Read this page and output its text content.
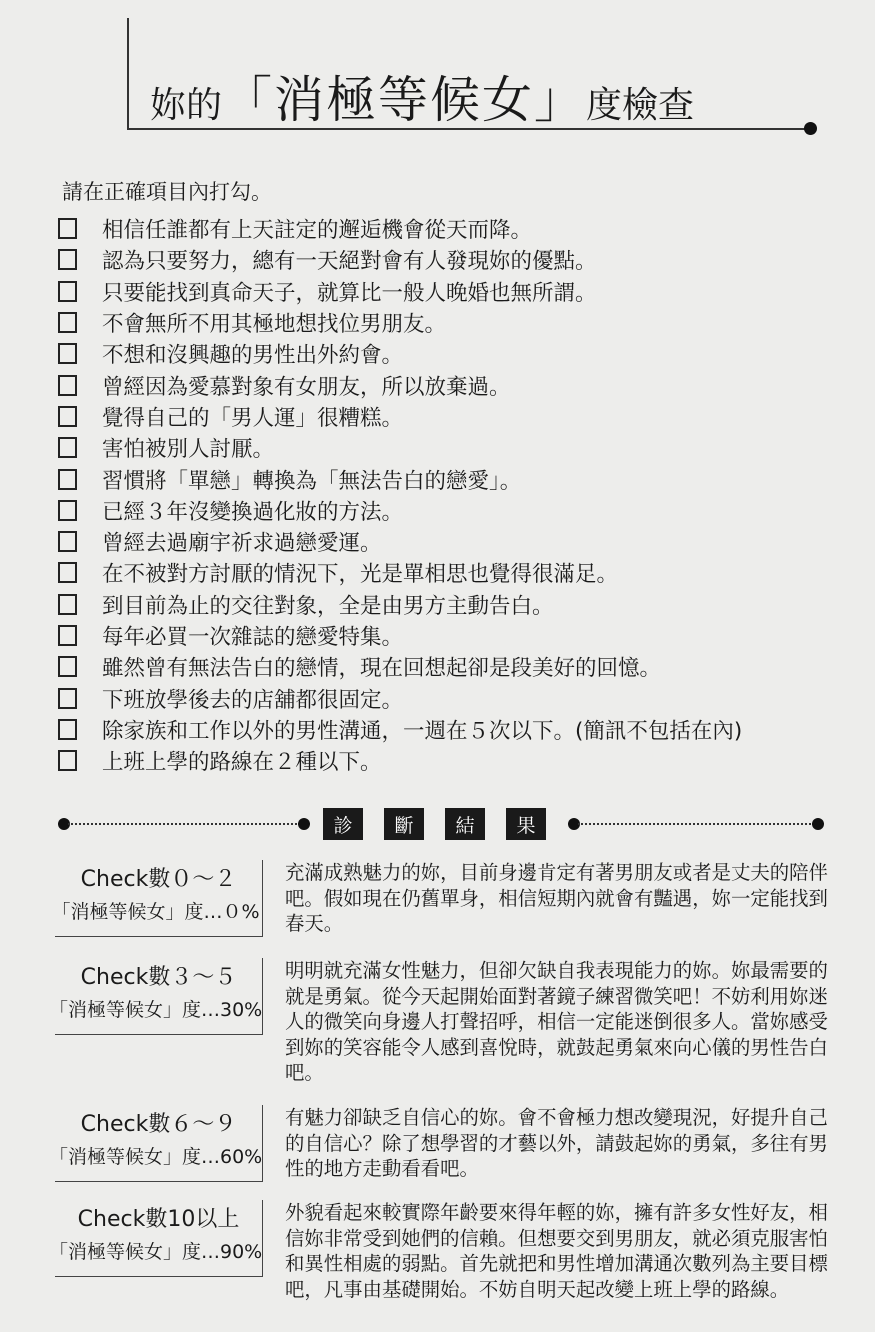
妳的「消極等候女」度檢查
請在正確項目內打勾。
相信任誰都有上天註定的邂逅機會從天而降。
認為只要努力，總有一天絕對會有人發現妳的優點。
只要能找到真命天子，就算比一般人晚婚也無所謂。
不會無所不用其極地想找位男朋友。
不想和沒興趣的男性出外約會。
曾經因為愛慕對象有女朋友，所以放棄過。
覺得自己的「男人運」很糟糕。
害怕被別人討厭。
習慣將「單戀」轉換為「無法告白的戀愛」。
已經３年沒變換過化妝的方法。
曾經去過廟宇祈求過戀愛運。
在不被對方討厭的情況下，光是單相思也覺得很滿足。
到目前為止的交往對象，全是由男方主動告白。
每年必買一次雜誌的戀愛特集。
雖然曾有無法告白的戀情，現在回想起卻是段美好的回憶。
下班放學後去的店舖都很固定。
除家族和工作以外的男性溝通，一週在５次以下。(簡訊不包括在內)
上班上學的路線在２種以下。
診	斷	結	果
Check數０～２
「消極等候女」度…０%
充滿成熟魅力的妳，目前身邊肯定有著男朋友或者是丈夫的陪伴吧。假如現在仍舊單身，相信短期內就會有豔遇，妳一定能找到春天。
Check數３～５
「消極等候女」度…30%
明明就充滿女性魅力，但卻欠缺自我表現能力的妳。妳最需要的就是勇氣。從今天起開始面對著鏡子練習微笑吧！不妨利用妳迷人的微笑向身邊人打聲招呼，相信一定能迷倒很多人。當妳感受到妳的笑容能令人感到喜悅時，就鼓起勇氣來向心儀的男性告白吧。
Check數６～９
「消極等候女」度…60%
有魅力卻缺乏自信心的妳。會不會極力想改變現況，好提升自己的自信心？除了想學習的才藝以外，請鼓起妳的勇氣，多往有男性的地方走動看看吧。
Check數10以上
「消極等候女」度…90%
外貌看起來較實際年齡要來得年輕的妳，擁有許多女性好友，相信妳非常受到她們的信賴。但想要交到男朋友，就必須克服害怕和異性相處的弱點。首先就把和男性增加溝通次數列為主要目標吧，凡事由基礎開始。不妨自明天起改變上班上學的路線。
